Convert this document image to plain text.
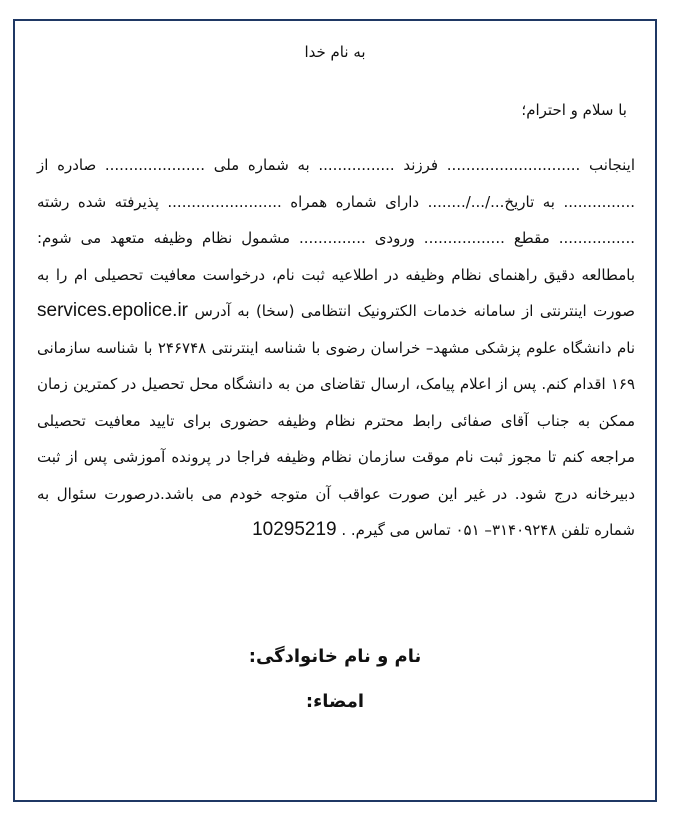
به نام خدا
با سلام و احترام؛
اینجانب ............................ فرزند ................ به شماره ملی ..................... صادره از ............... به تاریخ.../.../........ دارای شماره همراه ........................ پذیرفته شده رشته ................ مقطع ................. ورودی .............. مشمول نظام وظیفه متعهد می شوم: بامطالعه دقیق راهنمای نظام وظیفه در اطلاعیه ثبت نام، درخواست معافیت تحصیلی ام را به صورت اینترنتی از سامانه خدمات الکترونیک انتظامی (سخا) به آدرس services.epolice.ir نام دانشگاه علوم پزشکی مشهد– خراسان رضوی با شناسه اینترنتی ۲۴۶۷۴۸ با شناسه سازمانی ۱۶۹ اقدام کنم. پس از اعلام پیامک، ارسال تقاضای من به دانشگاه محل تحصیل در کمترین زمان ممکن به جناب آقای صفائی رابط محترم نظام وظیفه حضوری برای تایید معافیت تحصیلی مراجعه کنم تا مجوز ثبت نام موقت سازمان نظام وظیفه فراجا در پرونده آموزشی پس از ثبت دبیرخانه درج شود. در غیر این صورت عواقب آن متوجه خودم می باشد.درصورت سئوال به شماره تلفن ۳۱۴۰۹۲۴۸– ۰۵۱ تماس می گیرم. . 10295219
نام و نام خانوادگی:
امضاء:
